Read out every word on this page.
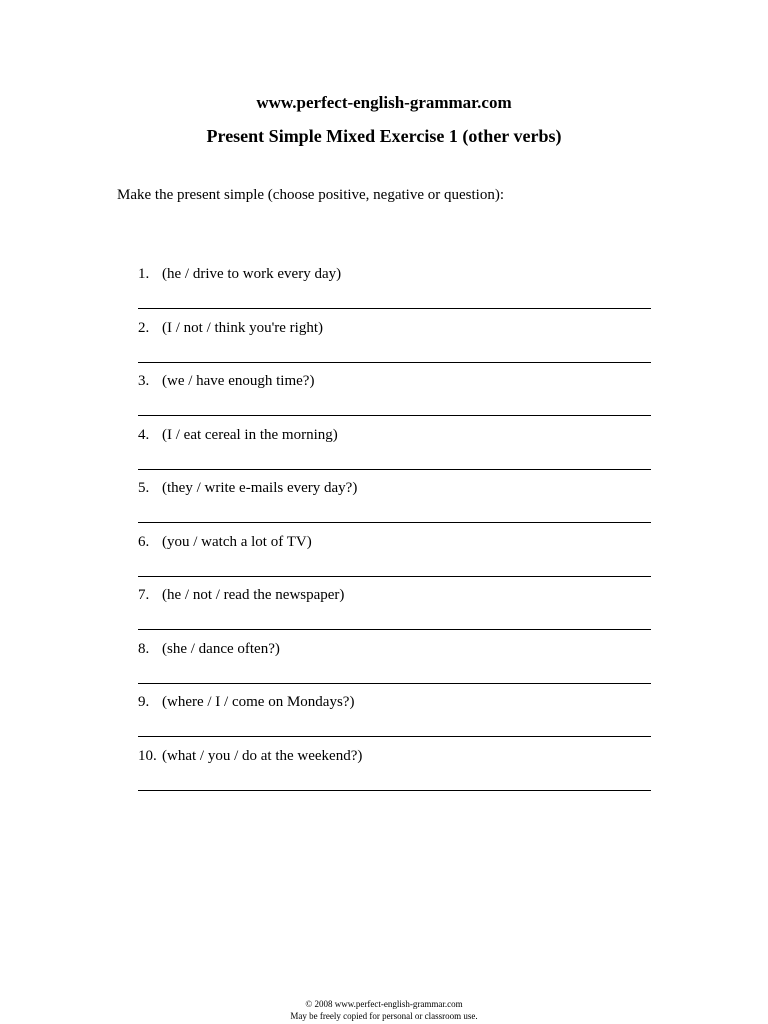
www.perfect-english-grammar.com
Present Simple Mixed Exercise 1 (other verbs)
Make the present simple (choose positive, negative or question):
1. (he / drive to work every day)
2. (I / not / think you're right)
3. (we / have enough time?)
4. (I / eat cereal in the morning)
5. (they / write e-mails every day?)
6. (you / watch a lot of TV)
7. (he / not / read the newspaper)
8. (she / dance often?)
9. (where / I / come on Mondays?)
10. (what / you / do at the weekend?)
© 2008 www.perfect-english-grammar.com
May be freely copied for personal or classroom use.
